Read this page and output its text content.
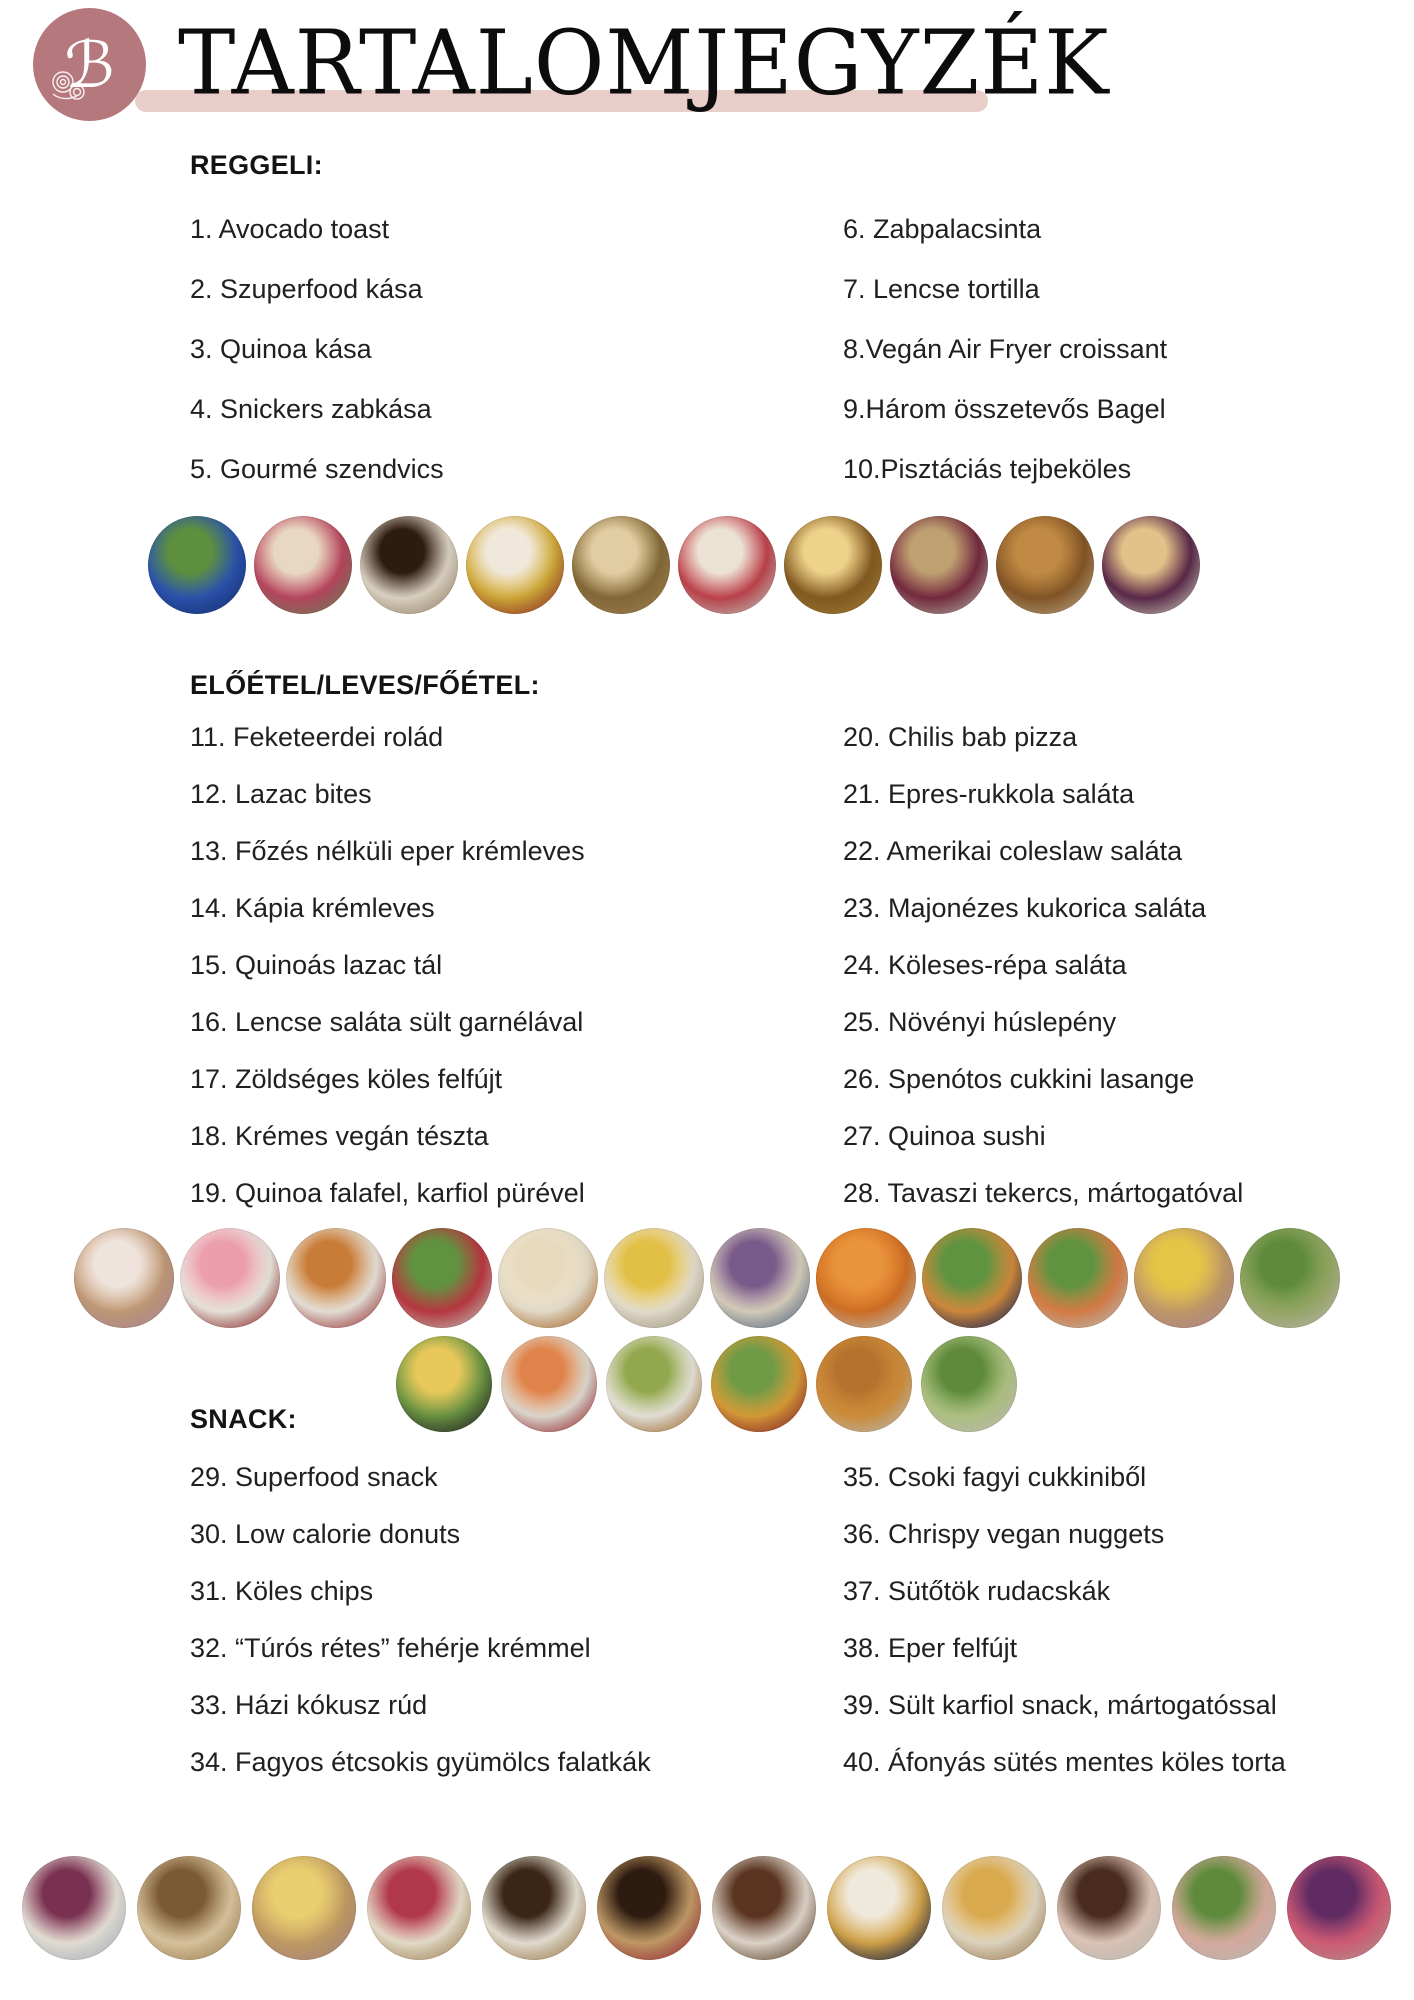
ℬ TARTALOMJEGYZÉK
REGGELI:
1. Avocado toast
2. Szuperfood kása
3. Quinoa kása
4. Snickers zabkása
5. Gourmé szendvics
6. Zabpalacsinta
7. Lencse tortilla
8.Vegán Air Fryer croissant
9.Három összetevős Bagel
10.Pisztáciás tejbeköles
ELŐÉTEL/LEVES/FŐÉTEL:
11. Feketeerdei rolád
12. Lazac bites
13. Főzés nélküli eper krémleves
14. Kápia krémleves
15. Quinoás lazac tál
16. Lencse saláta sült garnélával
17. Zöldséges köles felfújt
18. Krémes vegán tészta
19. Quinoa falafel, karfiol pürével
20. Chilis bab pizza
21. Epres-rukkola saláta
22. Amerikai coleslaw saláta
23. Majonézes kukorica saláta
24. Köleses-répa saláta
25. Növényi húslepény
26. Spenótos cukkini lasange
27. Quinoa sushi
28. Tavaszi tekercs, mártogatóval
SNACK:
29. Superfood snack
30. Low calorie donuts
31. Köles chips
32. “Túrós rétes” fehérje krémmel
33. Házi kókusz rúd
34. Fagyos étcsokis gyümölcs falatkák
35. Csoki fagyi cukkiniből
36. Chrispy vegan nuggets
37. Sütőtök rudacskák
38. Eper felfújt
39. Sült karfiol snack, mártogatóssal
40. Áfonyás sütés mentes köles torta
